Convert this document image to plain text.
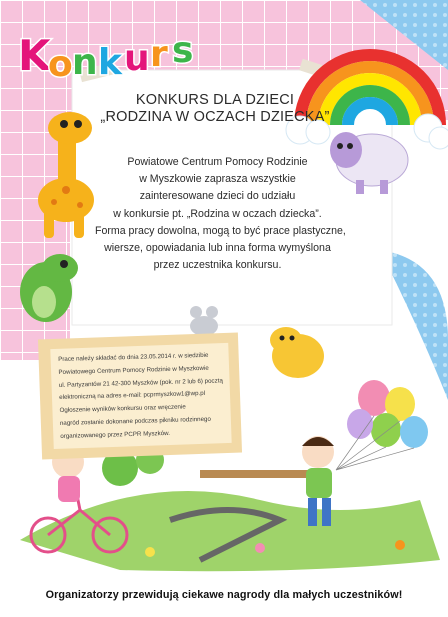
K
o n k u r s
KONKURS DLA DZIECI
„RODZINA W OCZACH DZIECKA”
Powiatowe Centrum Pomocy Rodzinie
w Myszkowie zaprasza wszystkie
zainteresowane dzieci do udziału
w konkursie pt. „Rodzina w oczach dziecka”.
Forma pracy dowolna, mogą to być prace plastyczne,
wiersze, opowiadania lub inna forma wymyślona
przez uczestnika konkursu.
Prace należy składać do dnia 23.05.2014 r. w siedzibie
Powiatowego Centrum Pomocy Rodzinie w Myszkowie
ul. Partyzantów 21 42-300 Myszków (pok. nr 2 lub 6) pocztą
elektroniczną na adres e-mail: pcprmyszkow1@wp.pl
Ogłoszenie wyników konkursu oraz wręczenie
nagród zostanie dokonane podczas pikniku rodzinnego
organizowanego przez PCPR Myszków.
Organizatorzy przewidują ciekawe nagrody dla małych uczestników!
